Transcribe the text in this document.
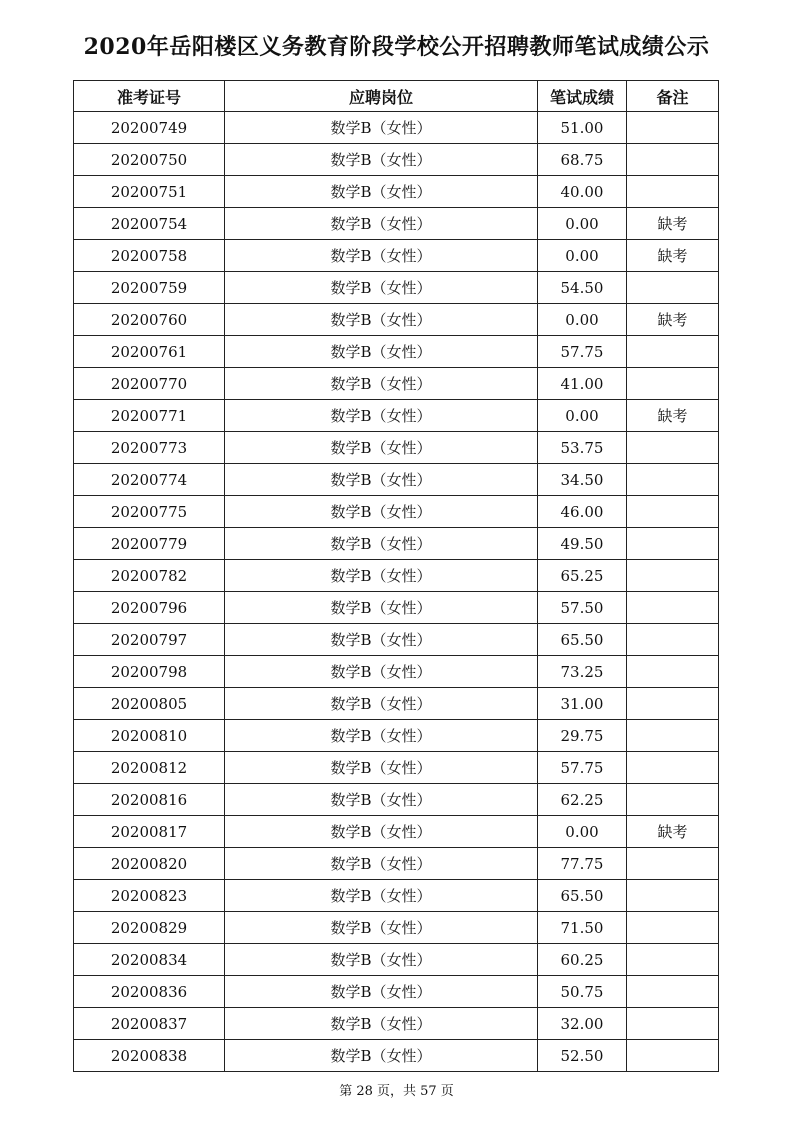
2020年岳阳楼区义务教育阶段学校公开招聘教师笔试成绩公示
准考证号	应聘岗位	笔试成绩	备注
20200749	数学B（女性）	51.00	
20200750	数学B（女性）	68.75	
20200751	数学B（女性）	40.00	
20200754	数学B（女性）	0.00	缺考
20200758	数学B（女性）	0.00	缺考
20200759	数学B（女性）	54.50	
20200760	数学B（女性）	0.00	缺考
20200761	数学B（女性）	57.75	
20200770	数学B（女性）	41.00	
20200771	数学B（女性）	0.00	缺考
20200773	数学B（女性）	53.75	
20200774	数学B（女性）	34.50	
20200775	数学B（女性）	46.00	
20200779	数学B（女性）	49.50	
20200782	数学B（女性）	65.25	
20200796	数学B（女性）	57.50	
20200797	数学B（女性）	65.50	
20200798	数学B（女性）	73.25	
20200805	数学B（女性）	31.00	
20200810	数学B（女性）	29.75	
20200812	数学B（女性）	57.75	
20200816	数学B（女性）	62.25	
20200817	数学B（女性）	0.00	缺考
20200820	数学B（女性）	77.75	
20200823	数学B（女性）	65.50	
20200829	数学B（女性）	71.50	
20200834	数学B（女性）	60.25	
20200836	数学B（女性）	50.75	
20200837	数学B（女性）	32.00	
20200838	数学B（女性）	52.50	
第 28 页，共 57 页
